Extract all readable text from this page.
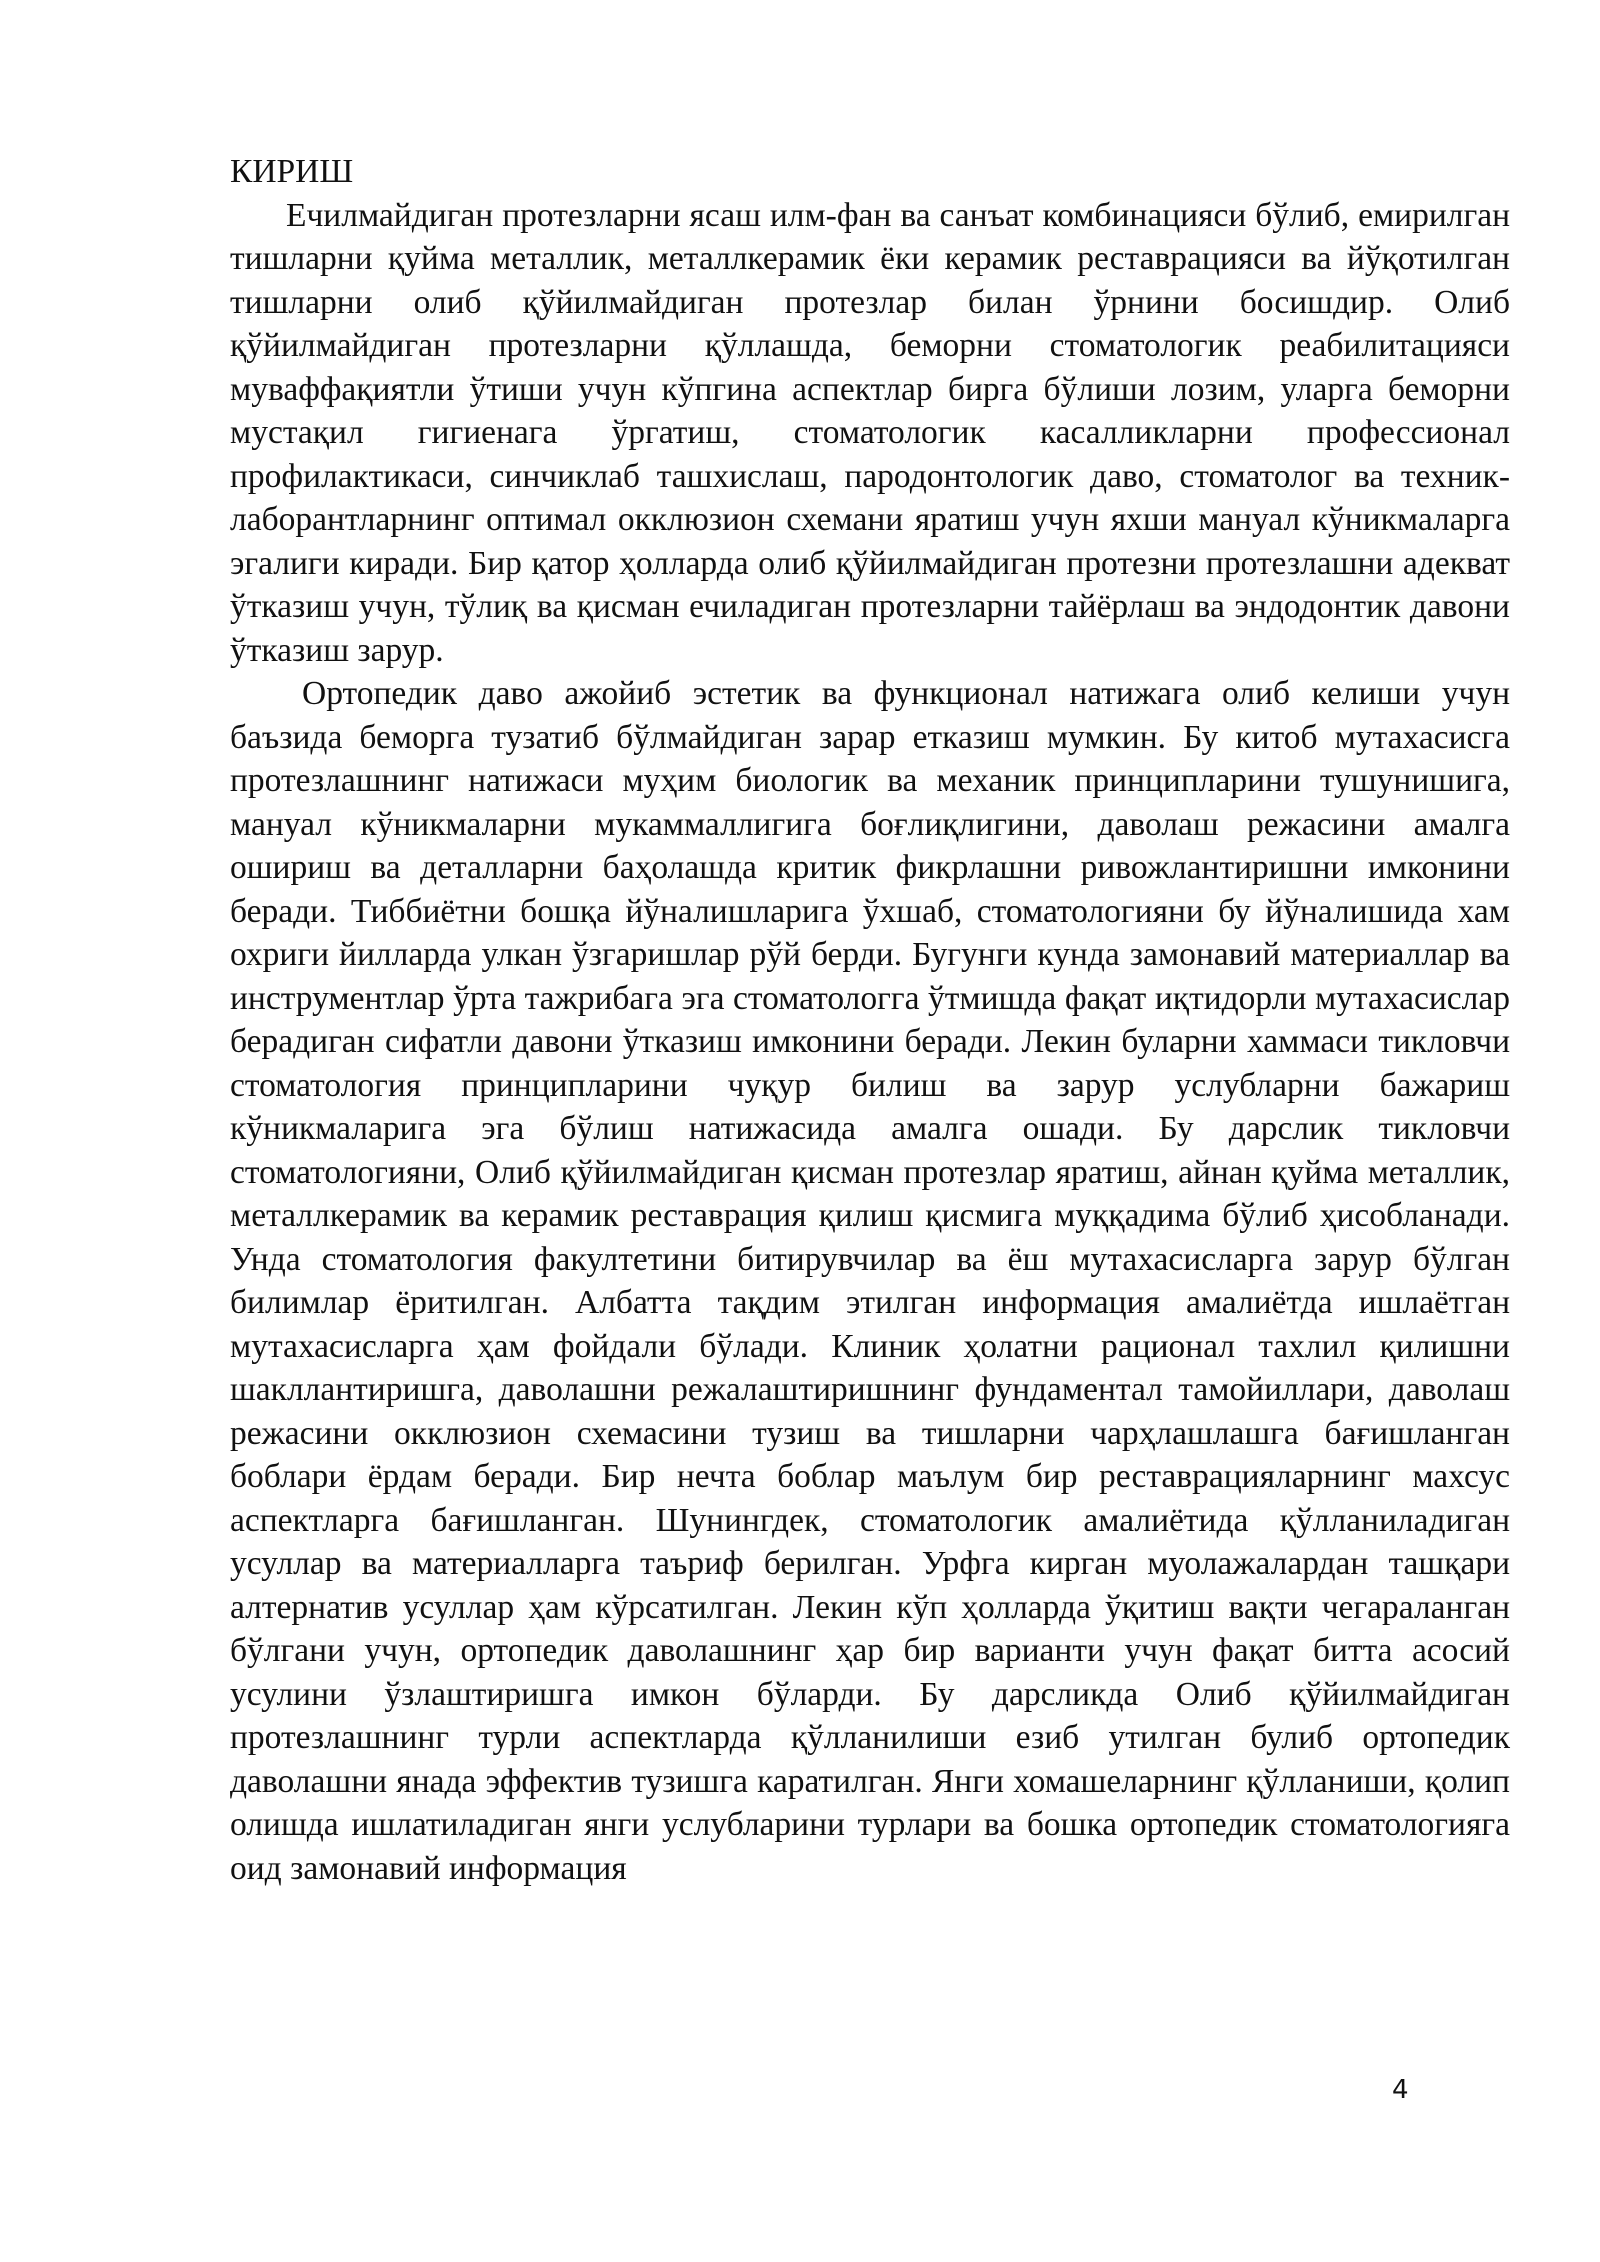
КИРИШ

Ечилмайдиган протезларни ясаш илм-фан ва санъат комбинацияси бўлиб, емирилган тишларни қуйма металлик, металлкерамик ёки керамик реставрацияси ва йўқотилган тишларни олиб қўйилмайдиган протезлар билан ўрнини босишдир. Олиб қўйилмайдиган протезларни қўллашда, беморни стоматологик реабилитацияси муваффақиятли ўтиши учун кўпгина аспектлар бирга бўлиши лозим, уларга беморни мустақил гигиенага ўргатиш, стоматологик касалликларни профессионал профилактикаси, синчиклаб ташхислаш, пародонтологик даво, стоматолог ва техник-лаборантларнинг оптимал окклюзион схемани яратиш учун яхши мануал кўникмаларга эгалиги киради. Бир қатор ҳолларда олиб қўйилмайдиган протезни протезлашни адекват ўтказиш учун, тўлиқ ва қисман ечиладиган протезларни тайёрлаш ва эндодонтик давони ўтказиш зарур.

Ортопедик даво ажойиб эстетик ва функционал натижага олиб келиши учун баъзида беморга тузатиб бўлмайдиган зарар етказиш мумкин. Бу китоб мутахасисга протезлашнинг натижаси муҳим биологик ва механик принципларини тушунишига, мануал кўникмаларни мукаммаллигига боғлиқлигини, даволаш режасини амалга ошириш ва деталларни баҳолашда критик фикрлашни ривожлантиришни имконини беради. Тиббиётни бошқа йўналишларига ўхшаб, стоматологияни бу йўналишида хам охриги йилларда улкан ўзгаришлар рўй берди. Бугунги кунда замонавий материаллар ва инструментлар ўрта тажрибага эга стоматологга ўтмишда фақат иқтидорли мутахасислар берадиган сифатли давони ўтказиш имконини беради. Лекин буларни хаммаси тикловчи стоматология принципларини чуқур билиш ва зарур услубларни бажариш кўникмаларига эга бўлиш натижасида амалга ошади. Бу дарслик тикловчи стоматологияни, Олиб қўйилмайдиган қисман протезлар яратиш, айнан қуйма металлик, металлкерамик ва керамик реставрация қилиш қисмига муққадима бўлиб ҳисобланади. Унда стоматология факултетини битирувчилар ва ёш мутахасисларга зарур бўлган билимлар ёритилган. Албатта тақдим этилган информация амалиётда ишлаётган мутахасисларга ҳам фойдали бўлади. Клиник ҳолатни рационал тахлил қилишни шакллантиришга, даволашни режалаштиришнинг фундаментал тамойиллари, даволаш режасини окклюзион схемасини тузиш ва тишларни чарҳлашлашга бағишланган боблари ёрдам беради. Бир нечта боблар маълум бир реставрацияларнинг махсус аспектларга бағишланган. Шунингдек, стоматологик амалиётида қўлланиладиган усуллар ва материалларга таъриф берилган. Урфга кирган муолажалардан ташқари алтернатив усуллар ҳам кўрсатилган. Лекин кўп ҳолларда ўқитиш вақти чегараланган бўлгани учун, ортопедик даволашнинг ҳар бир варианти учун фақат битта асосий усулини ўзлаштиришга имкон бўларди. Бу дарсликда Олиб қўйилмайдиган протезлашнинг турли аспектларда қўлланилиши езиб утилган булиб ортопедик даволашни янада эффектив тузишга каратилган. Янги хомашеларнинг қўлланиши, қолип олишда ишлатиладиган янги услубларини турлари ва бошка ортопедик стоматологияга оид замонавий информация

4
